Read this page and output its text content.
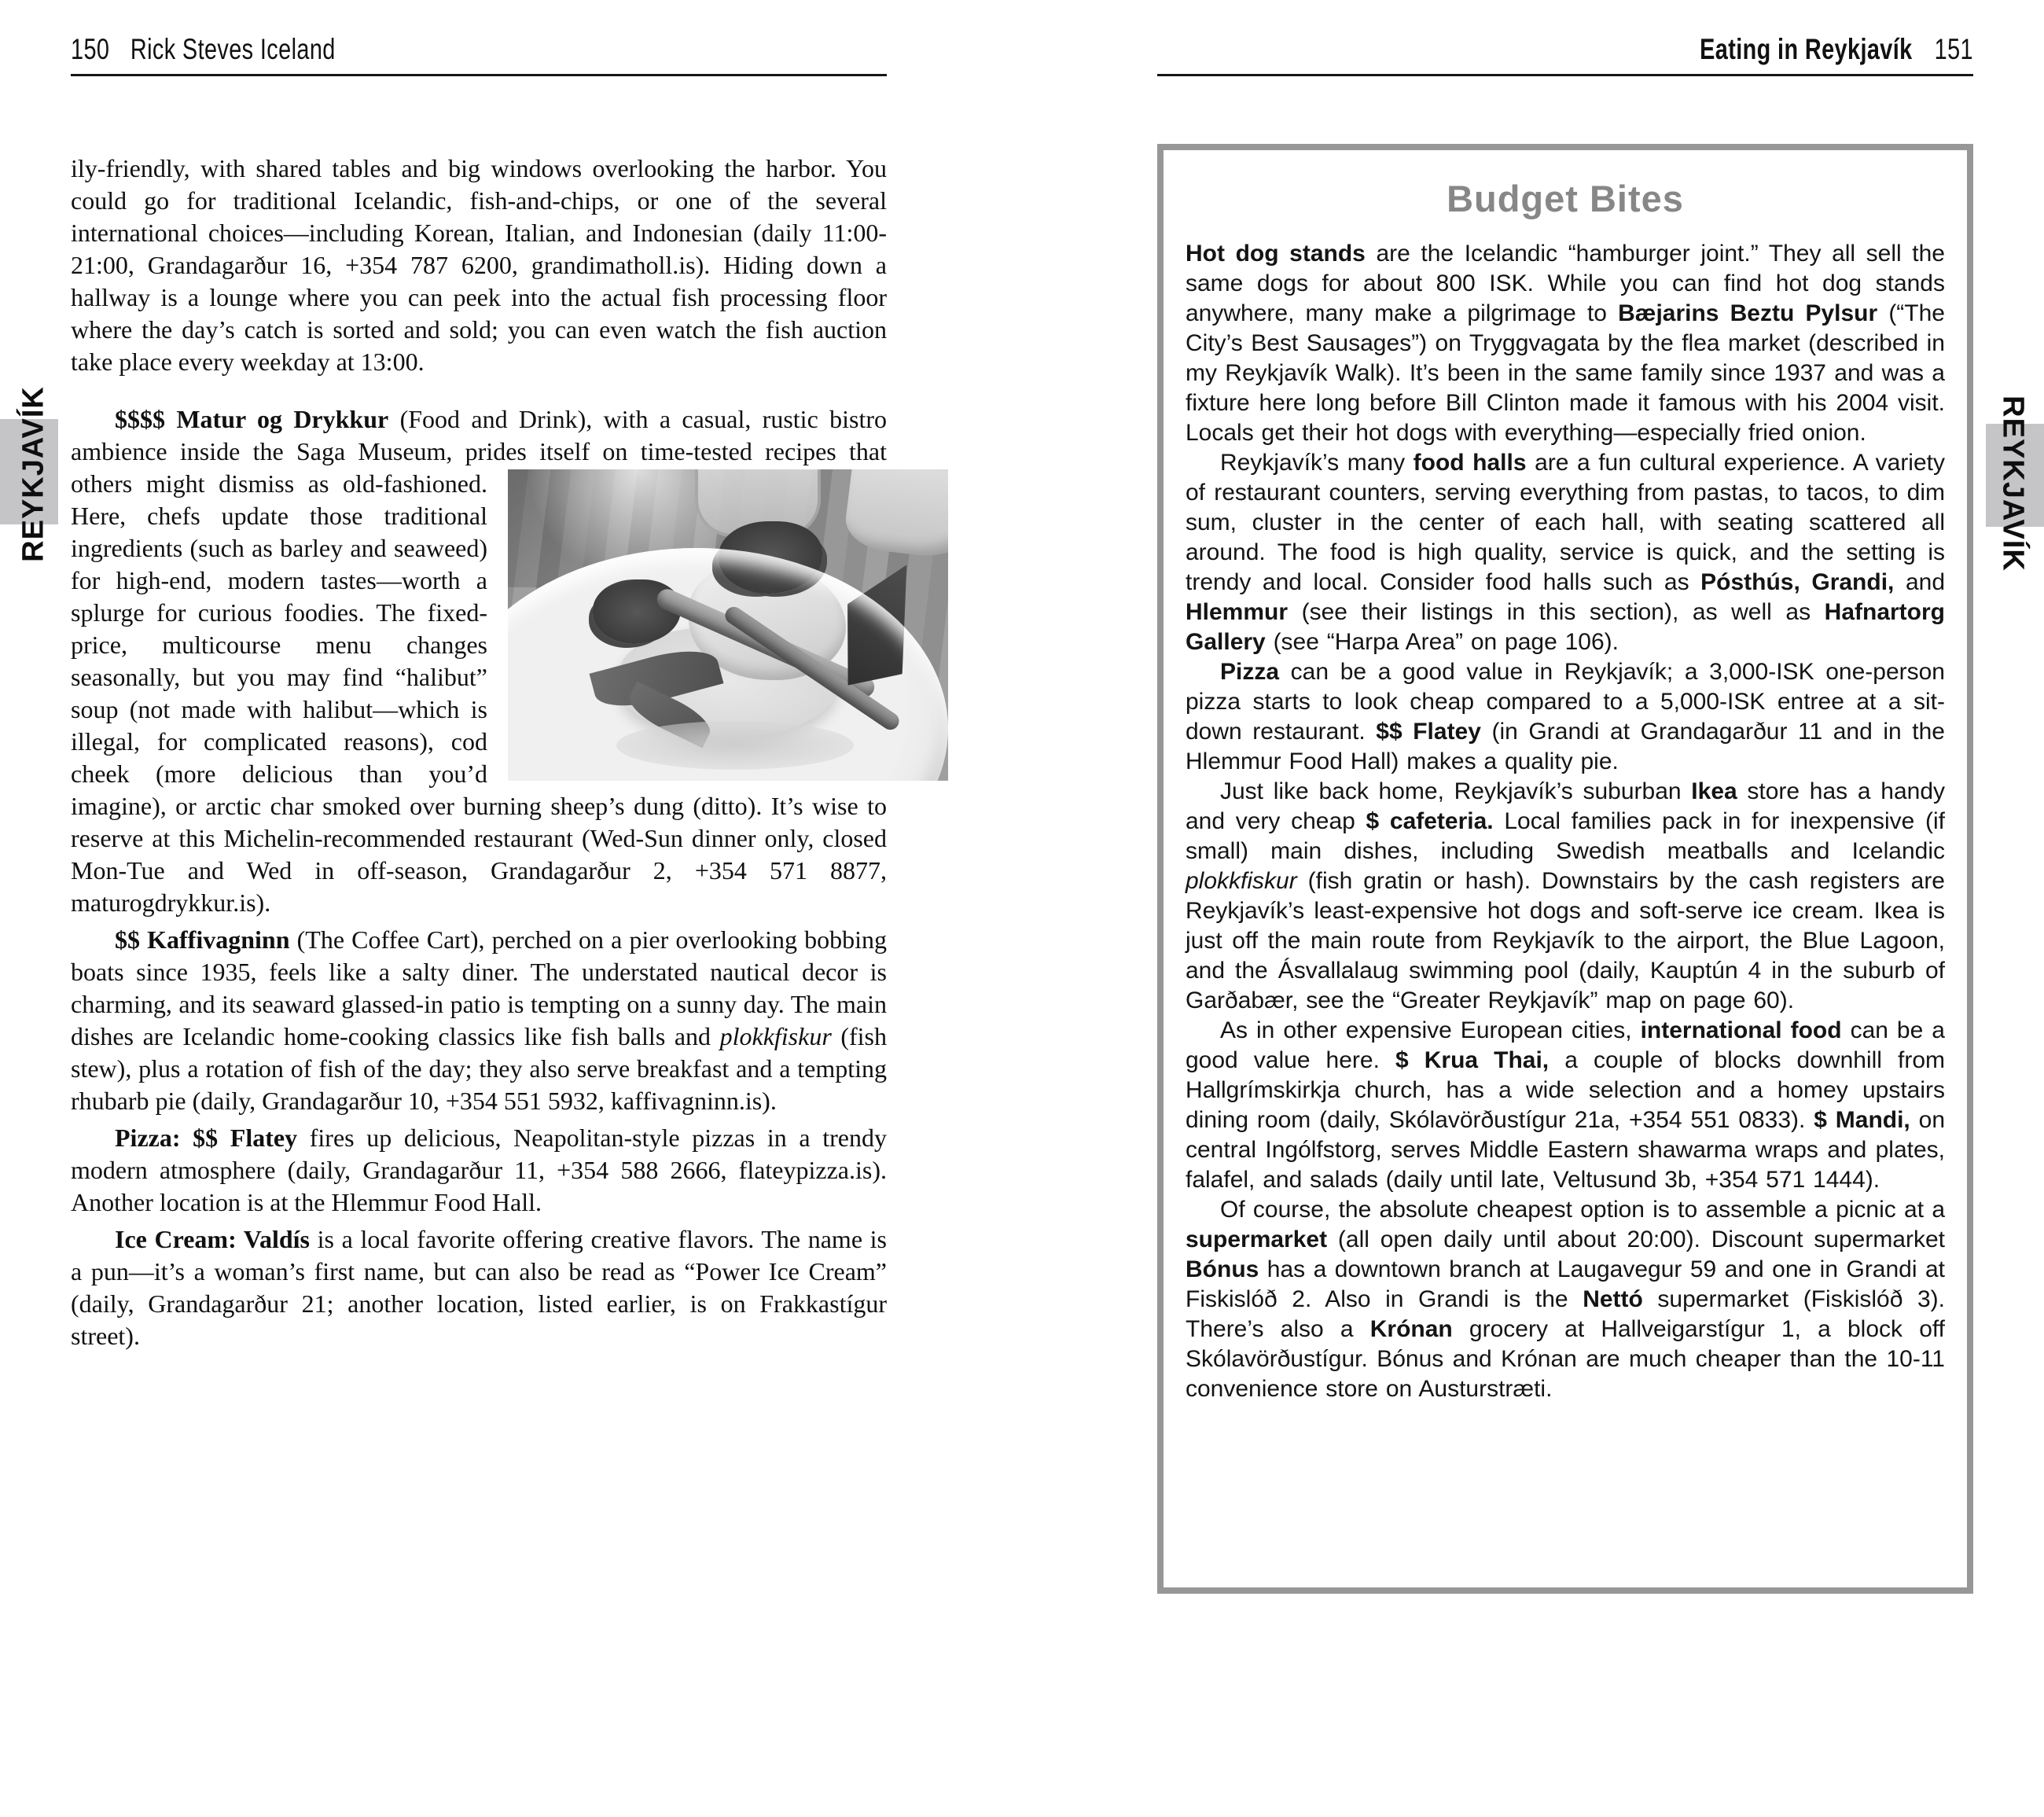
150 Rick Steves Iceland	Eating in Reykjavík 151
REYKJAVÍK	REYKJAVÍK

ily-friendly, with shared tables and big windows overlooking the harbor. You could go for traditional Icelandic, fish-and-chips, or one of the several international choices—including Korean, Italian, and Indonesian (daily 11:00-21:00, Grandagarður 16, +354 787 6200, grandimatholl.is). Hiding down a hallway is a lounge where you can peek into the actual fish processing floor where the day’s catch is sorted and sold; you can even watch the fish auction take place every weekday at 13:00.

$$$$ Matur og Drykkur (Food and Drink), with a casual, rustic bistro ambience inside the Saga Museum, prides itself on
time-tested recipes that others might dismiss as old-fashioned. Here, chefs update those traditional ingredients (such as barley and seaweed) for high-end, modern tastes—worth a splurge for curious foodies. The fixed-price, multicourse menu changes seasonally, but you may find “halibut” soup (not made with halibut—which is illegal, for complicated reasons), cod cheek (more delicious than you’d imagine), or arctic char smoked over burning sheep’s dung (ditto). It’s wise to reserve at this Michelin-recommended restaurant (Wed-Sun dinner only, closed Mon-Tue and Wed in off-season, Grandagarður 2, +354 571 8877, maturogdrykkur.is).

$$ Kaffivagninn (The Coffee Cart), perched on a pier overlooking bobbing boats since 1935, feels like a salty diner. The understated nautical decor is charming, and its seaward glassed-in patio is tempting on a sunny day. The main dishes are Icelandic home-cooking classics like fish balls and plokkfiskur (fish stew), plus a rotation of fish of the day; they also serve breakfast and a tempting rhubarb pie (daily, Grandagarður 10, +354 551 5932, kaffivagninn.is).

Pizza: $$ Flatey fires up delicious, Neapolitan-style pizzas in a trendy modern atmosphere (daily, Grandagarður 11, +354 588 2666, flateypizza.is). Another location is at the Hlemmur Food Hall.

Ice Cream: Valdís is a local favorite offering creative flavors. The name is a pun—it’s a woman’s first name, but can also be read as “Power Ice Cream” (daily, Grandagarður 21; another location, listed earlier, is on Frakkastígur street).

Budget Bites

Hot dog stands are the Icelandic “hamburger joint.” They all sell the same dogs for about 800 ISK. While you can find hot dog stands anywhere, many make a pilgrimage to Bæjarins Beztu Pylsur (“The City’s Best Sausages”) on Tryggvagata by the flea market (described in my Reykjavík Walk). It’s been in the same family since 1937 and was a fixture here long before Bill Clinton made it famous with his 2004 visit. Locals get their hot dogs with everything—especially fried onion.

Reykjavík’s many food halls are a fun cultural experience. A variety of restaurant counters, serving everything from pastas, to tacos, to dim sum, cluster in the center of each hall, with seating scattered all around. The food is high quality, service is quick, and the setting is trendy and local. Consider food halls such as Pósthús, Grandi, and Hlemmur (see their listings in this section), as well as Hafnartorg Gallery (see “Harpa Area” on page 106).

Pizza can be a good value in Reykjavík; a 3,000-ISK one-person pizza starts to look cheap compared to a 5,000-ISK entree at a sit-down restaurant. $$ Flatey (in Grandi at Grandagarður 11 and in the Hlemmur Food Hall) makes a quality pie.

Just like back home, Reykjavík’s suburban Ikea store has a handy and very cheap $ cafeteria. Local families pack in for inexpensive (if small) main dishes, including Swedish meatballs and Icelandic plokkfiskur (fish gratin or hash). Downstairs by the cash registers are Reykjavík’s least-expensive hot dogs and soft-serve ice cream. Ikea is just off the main route from Reykjavík to the airport, the Blue Lagoon, and the Ásvallalaug swimming pool (daily, Kauptún 4 in the suburb of Garðabær, see the “Greater Reykjavík” map on page 60).

As in other expensive European cities, international food can be a good value here. $ Krua Thai, a couple of blocks downhill from Hallgrímskirkja church, has a wide selection and a homey upstairs dining room (daily, Skólavörðustígur 21a, +354 551 0833). $ Mandi, on central Ingólfstorg, serves Middle Eastern shawarma wraps and plates, falafel, and salads (daily until late, Veltusund 3b, +354 571 1444).

Of course, the absolute cheapest option is to assemble a picnic at a supermarket (all open daily until about 20:00). Discount supermarket Bónus has a downtown branch at Laugavegur 59 and one in Grandi at Fiskislóð 2. Also in Grandi is the Nettó supermarket (Fiskislóð 3). There’s also a Krónan grocery at Hallveigarstígur 1, a block off Skólavörðustígur. Bónus and Krónan are much cheaper than the 10-11 convenience store on Austurstræti.
